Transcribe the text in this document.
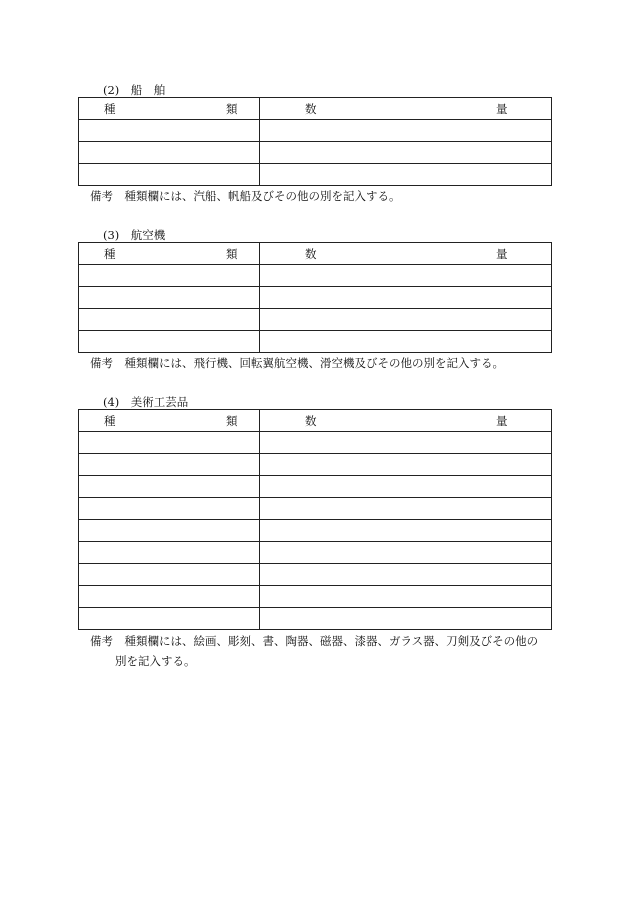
(2)　船　舶
種 類	数 量

備考　種類欄には、汽船、帆船及びその他の別を記入する。
(3)　航空機
種 類	数 量

備考　種類欄には、飛行機、回転翼航空機、滑空機及びその他の別を記入する。
(4)　美術工芸品
種 類	数 量

備考　種類欄には、絵画、彫刻、書、陶器、磁器、漆器、ガラス器、刀剣及びその他の
別を記入する。
